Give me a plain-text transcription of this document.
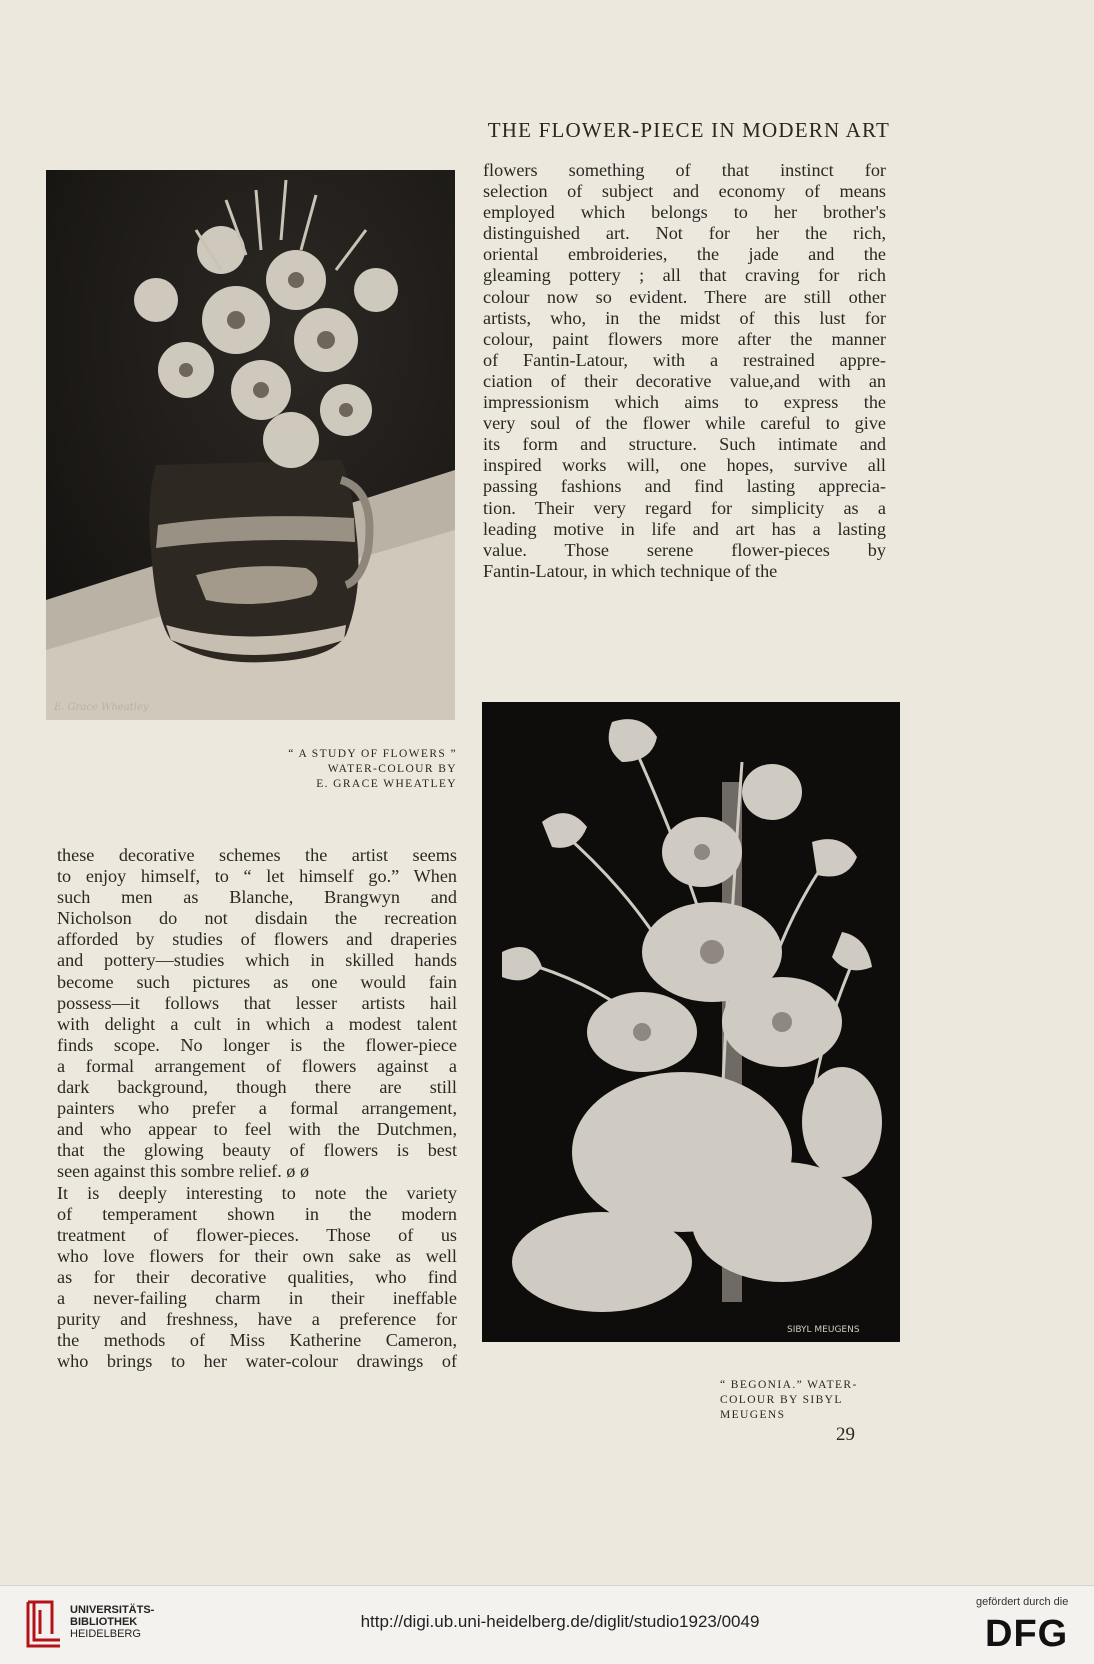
THE FLOWER-PIECE IN MODERN ART
E. Grace Wheatley
flowers something of that instinct for
selection of subject and economy of means
employed which belongs to her brother's
distinguished art. Not for her the rich,
oriental embroideries, the jade and the
gleaming pottery ; all that craving for rich
colour now so evident. There are still other
artists, who, in the midst of this lust for
colour, paint flowers more after the manner
of Fantin-Latour, with a restrained appre-
ciation of their decorative value,and with an
impressionism which aims to express the
very soul of the flower while careful to give
its form and structure. Such intimate and
inspired works will, one hopes, survive all
passing fashions and find lasting apprecia-
tion. Their very regard for simplicity as a
leading motive in life and art has a lasting
value. Those serene flower-pieces by
Fantin-Latour, in which technique of the
“ A STUDY OF FLOWERS ”
WATER-COLOUR BY
E. GRACE WHEATLEY
SIBYL MEUGENS
“ BEGONIA.” WATER-
COLOUR BY SIBYL
MEUGENS
these decorative schemes the artist seems
to enjoy himself, to “ let himself go.” When
such men as Blanche, Brangwyn and
Nicholson do not disdain the recreation
afforded by studies of flowers and draperies
and pottery—studies which in skilled hands
become such pictures as one would fain
possess—it follows that lesser artists hail
with delight a cult in which a modest talent
finds scope. No longer is the flower-piece
a formal arrangement of flowers against a
dark background, though there are still
painters who prefer a formal arrangement,
and who appear to feel with the Dutchmen,
that the glowing beauty of flowers is best
seen against this sombre relief. ø ø
It is deeply interesting to note the variety
of temperament shown in the modern
treatment of flower-pieces. Those of us
who love flowers for their own sake as well
as for their decorative qualities, who find
a never-failing charm in their ineffable
purity and freshness, have a preference for
the methods of Miss Katherine Cameron,
who brings to her water-colour drawings of
29
UNIVERSITÄTS-
BIBLIOTHEK
HEIDELBERG
http://digi.ub.uni-heidelberg.de/diglit/studio1923/0049
gefördert durch die
DFG
